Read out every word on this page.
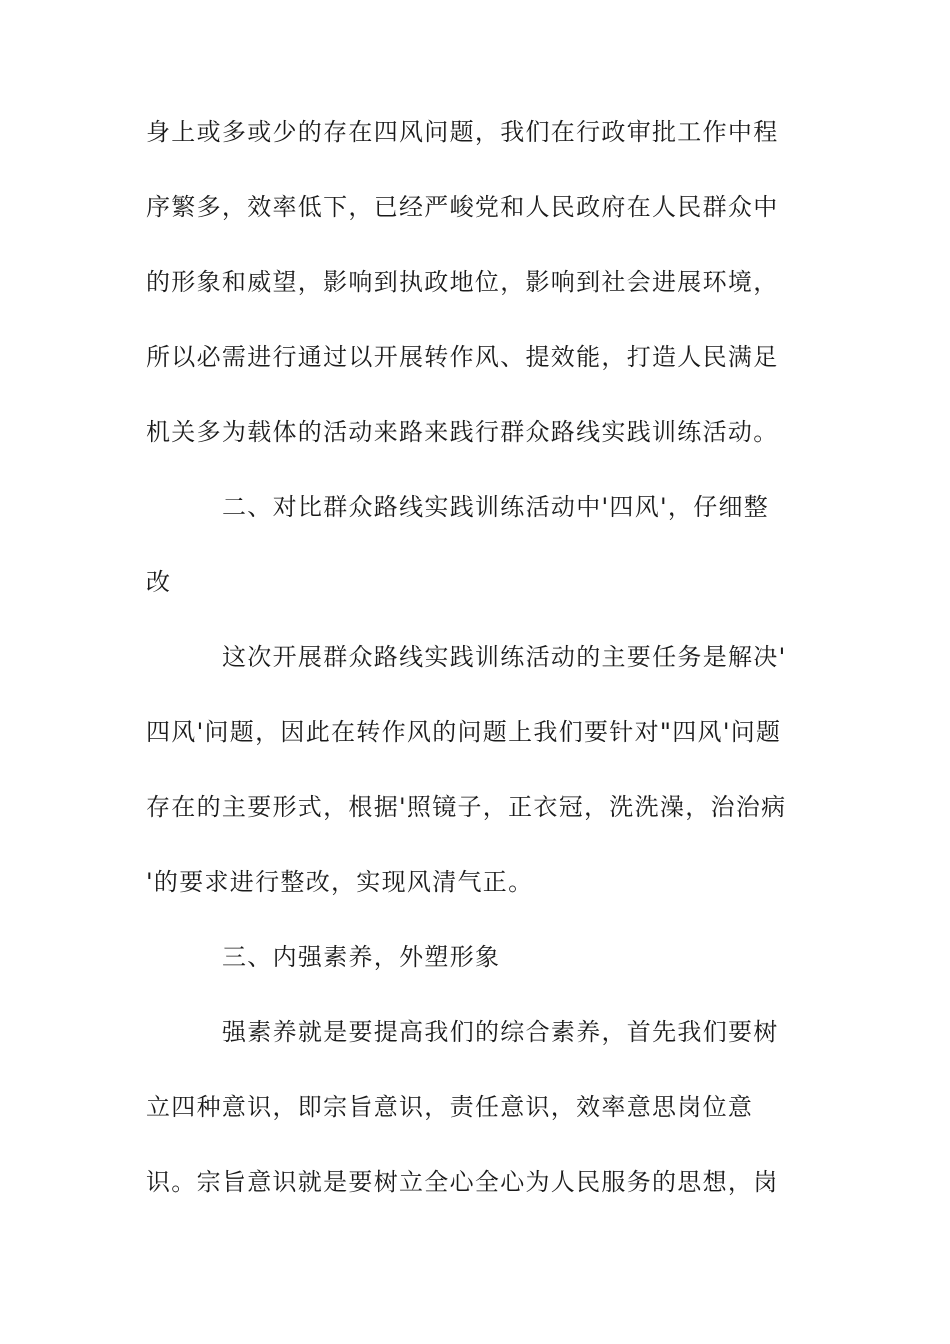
身上或多或少的存在四风问题，我们在行政审批工作中程
序繁多，效率低下，已经严峻党和人民政府在人民群众中
的形象和威望，影响到执政地位，影响到社会进展环境，
所以必需进行通过以开展转作风、提效能，打造人民满足
机关多为载体的活动来路来践行群众路线实践训练活动。
二、对比群众路线实践训练活动中'四风'，仔细整
改
这次开展群众路线实践训练活动的主要任务是解决'
四风'问题，因此在转作风的问题上我们要针对"四风'问题
存在的主要形式，根据'照镜子，正衣冠，洗洗澡，治治病
'的要求进行整改，实现风清气正。
三、内强素养，外塑形象
强素养就是要提高我们的综合素养，首先我们要树
立四种意识，即宗旨意识，责任意识，效率意思岗位意
识。宗旨意识就是要树立全心全心为人民服务的思想，岗
